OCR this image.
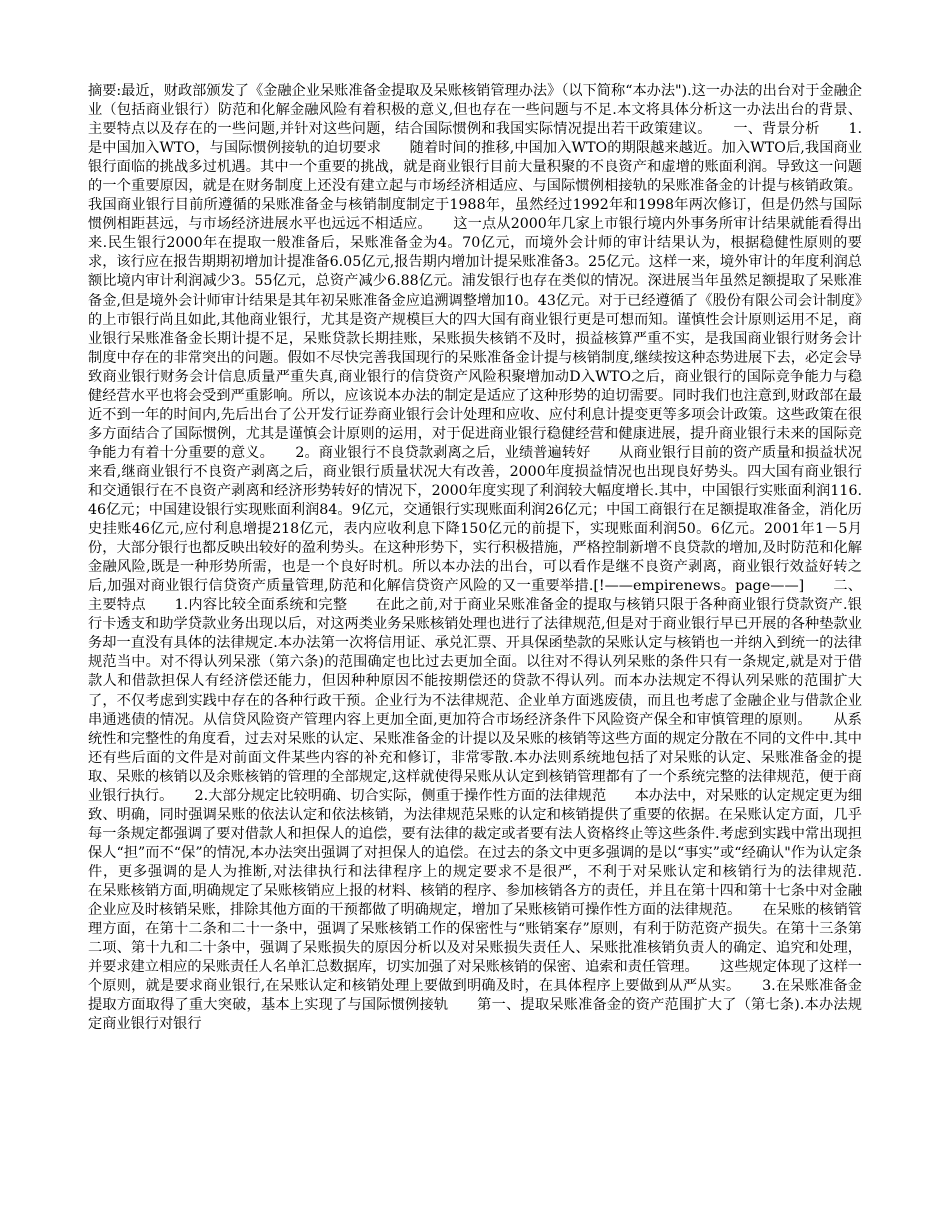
摘要:最近，财政部颁发了《金融企业呆账准备金提取及呆账核销管理办法》（以下简称“本办法").这一办法的出台对于金融企业（包括商业银行）防范和化解金融风险有着积极的意义,但也存在一些问题与不足.本文将具体分析这一办法出台的背景、主要特点以及存在的一些问题,并针对这些问题，结合国际惯例和我国实际情况提出若干政策建议。　　一、背景分析　　1.是中国加入WTO，与国际惯例接轨的迫切要求　　随着时间的推移,中国加入WTO的期限越来越近。加入WTO后,我国商业银行面临的挑战多过机遇。其中一个重要的挑战，就是商业银行目前大量积聚的不良资产和虚增的账面利润。导致这一问题的一个重要原因，就是在财务制度上还没有建立起与市场经济相适应、与国际惯例相接轨的呆账准备金的计提与核销政策。我国商业银行目前所遵循的呆账准备金与核销制度制定于1988年，虽然经过1992年和1998年两次修订，但是仍然与国际惯例相距甚远，与市场经济进展水平也远远不相适应。　　这一点从2000年几家上市银行境内外事务所审计结果就能看得出来.民生银行2000年在提取一般准备后，呆账准备金为4。70亿元，而境外会计师的审计结果认为，根据稳健性原则的要求，该行应在报告期期初增加计提准备6.05亿元,报告期内增加计提呆账准备3。25亿元。这样一来，境外审计的年度利润总额比境内审计利润减少3。55亿元，总资产减少6.88亿元。浦发银行也存在类似的情况。深进展当年虽然足额提取了呆账准备金,但是境外会计师审计结果是其年初呆账准备金应追溯调整增加10。43亿元。对于已经遵循了《股份有限公司会计制度》的上市银行尚且如此,其他商业银行，尤其是资产规模巨大的四大国有商业银行更是可想而知。谨慎性会计原则运用不足，商业银行呆账准备金长期计提不足，呆账贷款长期挂账，呆账损失核销不及时，损益核算严重不实，是我国商业银行财务会计制度中存在的非常突出的问题。假如不尽快完善我国现行的呆账准备金计提与核销制度,继续按这种态势进展下去，必定会导致商业银行财务会计信息质量严重失真,商业银行的信贷资产风险积聚增加动D入WTO之后，商业银行的国际竞争能力与稳健经营水平也将会受到严重影响。所以，应该说本办法的制定是适应了这种形势的迫切需要。同时我们也注意到,财政部在最近不到一年的时间内,先后出台了公开发行证券商业银行会计处理和应收、应付利息计提变更等多项会计政策。这些政策在很多方面结合了国际惯例，尤其是谨慎会计原则的运用，对于促进商业银行稳健经营和健康进展，提升商业银行未来的国际竞争能力有着十分重要的意义。　　2。商业银行不良贷款剥离之后，业绩普遍转好　　从商业银行目前的资产质量和损益状况来看,继商业银行不良资产剥离之后，商业银行质量状况大有改善，2000年度损益情况也出现良好势头。四大国有商业银行和交通银行在不良资产剥离和经济形势转好的情况下，2000年度实现了利润较大幅度增长.其中，中国银行实账面利润116.46亿元；中国建设银行实现账面利润84。9亿元，交通银行实现账面利润26亿元；中国工商银行在足额提取准备金，消化历史挂账46亿元,应付利息增提218亿元，表内应收利息下降150亿元的前提下，实现账面利润50。6亿元。2001年1－5月份，大部分银行也都反映出较好的盈利势头。在这种形势下，实行积极措施，严格控制新增不良贷款的增加,及时防范和化解金融风险,既是一种形势所需，也是一个良好时机。所以本办法的出台，可以看作是继不良资产剥离，商业银行效益好转之后,加强对商业银行信贷资产质量管理,防范和化解信贷资产风险的又一重要举措.[!——empirenews。page——]　　二、主要特点　　1.内容比较全面系统和完整　　在此之前,对于商业呆账准备金的提取与核销只限于各种商业银行贷款资产.银行卡透支和助学贷款业务出现以后，对这两类业务呆账核销处理也进行了法律规范,但是对于商业银行早已开展的各种垫款业务却一直没有具体的法律规定.本办法第一次将信用证、承兑汇票、开具保函垫款的呆账认定与核销也一并纳入到统一的法律规范当中。对不得认列呆涨（第六条)的范围确定也比过去更加全面。以往对不得认列呆账的条件只有一条规定,就是对于借款人和借款担保人有经济偿还能力，但因种种原因不能按期偿还的贷款不得认列。而本办法规定不得认列呆账的范围扩大了，不仅考虑到实践中存在的各种行政干预。企业行为不法律规范、企业单方面逃废债，而且也考虑了金融企业与借款企业串通逃债的情况。从信贷风险资产管理内容上更加全面,更加符合市场经济条件下风险资产保全和审慎管理的原则。　　从系统性和完整性的角度看，过去对呆账的认定、呆账准备金的计提以及呆账的核销等这些方面的规定分散在不同的文件中.其中还有些后面的文件是对前面文件某些内容的补充和修订，非常零散.本办法则系统地包括了对呆账的认定、呆账准备金的提取、呆账的核销以及余账核销的管理的全部规定,这样就使得呆账从认定到核销管理都有了一个系统完整的法律规范，便于商业银行执行。　　2.大部分规定比较明确、切合实际，侧重于操作性方面的法律规范　　本办法中，对呆账的认定规定更为细致、明确，同时强调呆账的依法认定和依法核销，为法律规范呆账的认定和核销提供了重要的依据。在呆账认定方面，几乎每一条规定都强调了要对借款人和担保人的追偿，要有法律的裁定或者要有法人资格终止等这些条件.考虑到实践中常出现担保人“担”而不“保”的情况,本办法突出强调了对担保人的追偿。在过去的条文中更多强调的是以“事实”或“经确认"作为认定条件，更多强调的是人为推断,对法律执行和法律程序上的规定要求不是很严，不利于对呆账认定和核销行为的法律规范.　　在呆账核销方面,明确规定了呆账核销应上报的材料、核销的程序、参加核销各方的责任，并且在第十四和第十七条中对金融企业应及时核销呆账，排除其他方面的干预都做了明确规定，增加了呆账核销可操作性方面的法律规范。　　在呆账的核销管理方面，在第十二条和二十一条中，强调了呆账核销工作的保密性与“账销案存”原则，有利于防范资产损失。在第十三条第二项、第十九和二十条中，强调了呆账损失的原因分析以及对呆账损失责任人、呆账批准核销负责人的确定、追究和处理，并要求建立相应的呆账责任人名单汇总数据库，切实加强了对呆账核销的保密、追索和责任管理。　　这些规定体现了这样一个原则，就是要求商业银行,在呆账认定和核销处理上要做到明确及时，在具体程序上要做到从严从实。　　3.在呆账准备金提取方面取得了重大突破，基本上实现了与国际惯例接轨　　第一、提取呆账准备金的资产范围扩大了（第七条).本办法规定商业银行对银行
